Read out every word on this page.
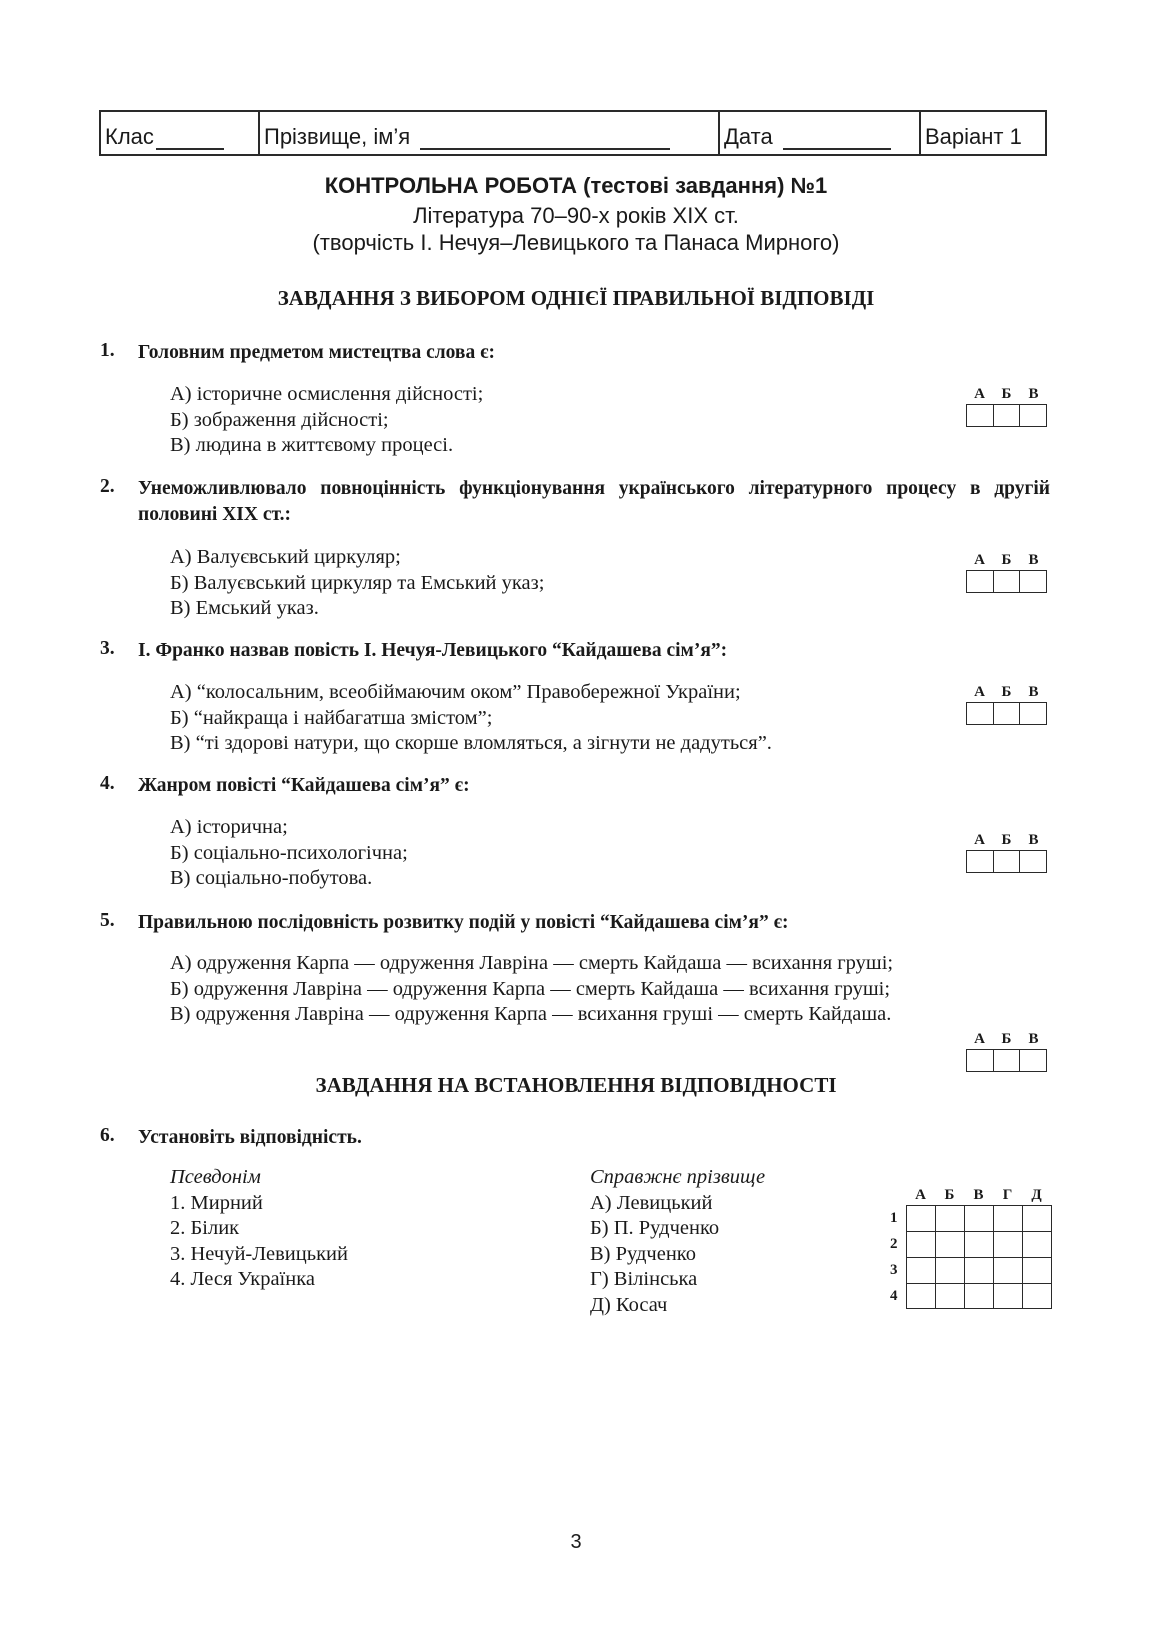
Клас	Прізвище, ім’я	Дата	Варіант 1
КОНТРОЛЬНА РОБОТА (тестові завдання) №1
Література 70–90-х років XIX ст.
(творчість І. Нечуя–Левицького та Панаса Мирного)
ЗАВДАННЯ З ВИБОРОМ ОДНІЄЇ ПРАВИЛЬНОЇ ВІДПОВІДІ
1. Головним предметом мистецтва слова є:
А) історичне осмислення дійсності;
Б) зображення дійсності;
В) людина в життєвому процесі.
А	Б	В
2. Унеможливлювало повноцінність функціонування українського літературного процесу в другій половині XIX ст.:
А) Валуєвський циркуляр;
Б) Валуєвський циркуляр та Емський указ;
В) Емський указ.
А	Б	В
3. І. Франко назвав повість І. Нечуя-Левицького “Кайдашева сім’я”:
А) “колосальним, всеобіймаючим оком” Правобережної України;
Б) “найкраща і найбагатша змістом”;
В) “ті здорові натури, що скорше вломляться, а зігнути не дадуться”.
А	Б	В
4. Жанром повісті “Кайдашева сім’я” є:
А) історична;
Б) соціально-психологічна;
В) соціально-побутова.
А	Б	В
5. Правильною послідовність розвитку подій у повісті “Кайдашева сім’я” є:
А) одруження Карпа — одруження Лавріна — смерть Кайдаша — всихання груші;
Б) одруження Лавріна — одруження Карпа — смерть Кайдаша — всихання груші;
В) одруження Лавріна — одруження Карпа — всихання груші — смерть Кайдаша.
А	Б	В
ЗАВДАННЯ НА ВСТАНОВЛЕННЯ ВІДПОВІДНОСТІ
6. Установіть відповідність.
Псевдонім
1. Мирний
2. Білик
3. Нечуй-Левицький
4. Леся Українка
Справжнє прізвище
А) Левицький
Б) П. Рудченко
В) Рудченко
Г) Вілінська
Д) Косач
А	Б	В	Г	Д
1
2
3
4
3
